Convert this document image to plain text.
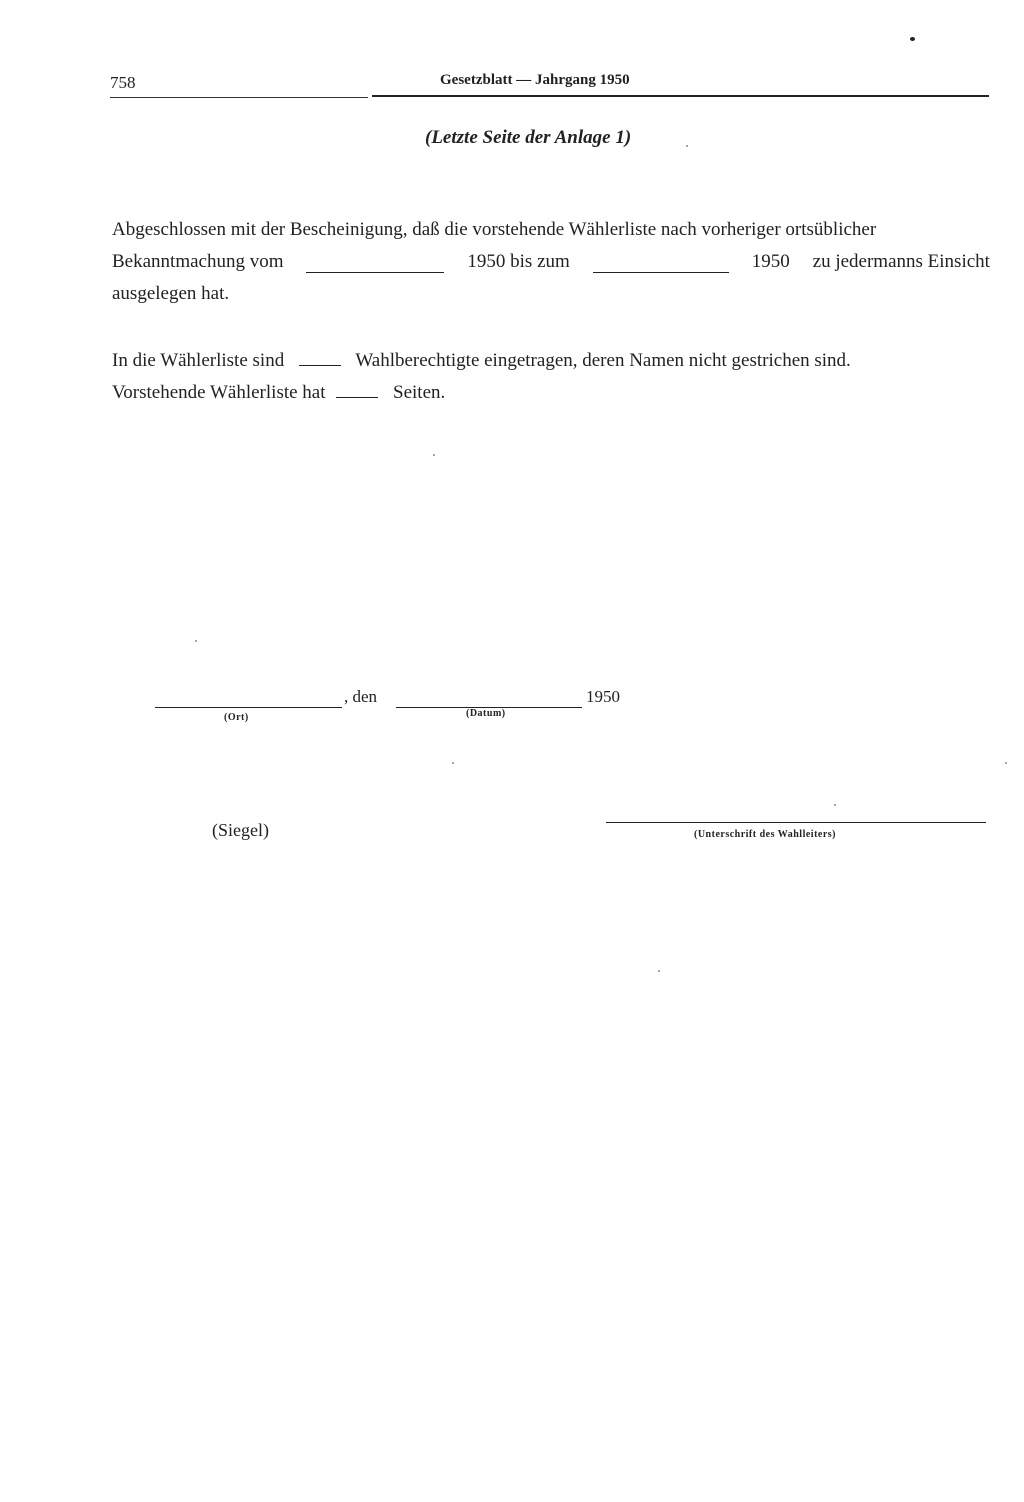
758	Gesetzblatt — Jahrgang 1950
(Letzte Seite der Anlage 1)
Abgeschlossen mit der Bescheinigung, daß die vorstehende Wählerliste nach vorheriger ortsüblicher
Bekanntmachung vom	1950 bis zum	1950 zu jedermanns Einsicht
ausgelegen hat.
In die Wählerliste sind	Wahlberechtigte eingetragen, deren Namen nicht gestrichen sind.
Vorstehende Wählerliste hat	Seiten.
, den	1950
(Ort)	(Datum)
(Siegel)	(Unterschrift des Wahlleiters)
